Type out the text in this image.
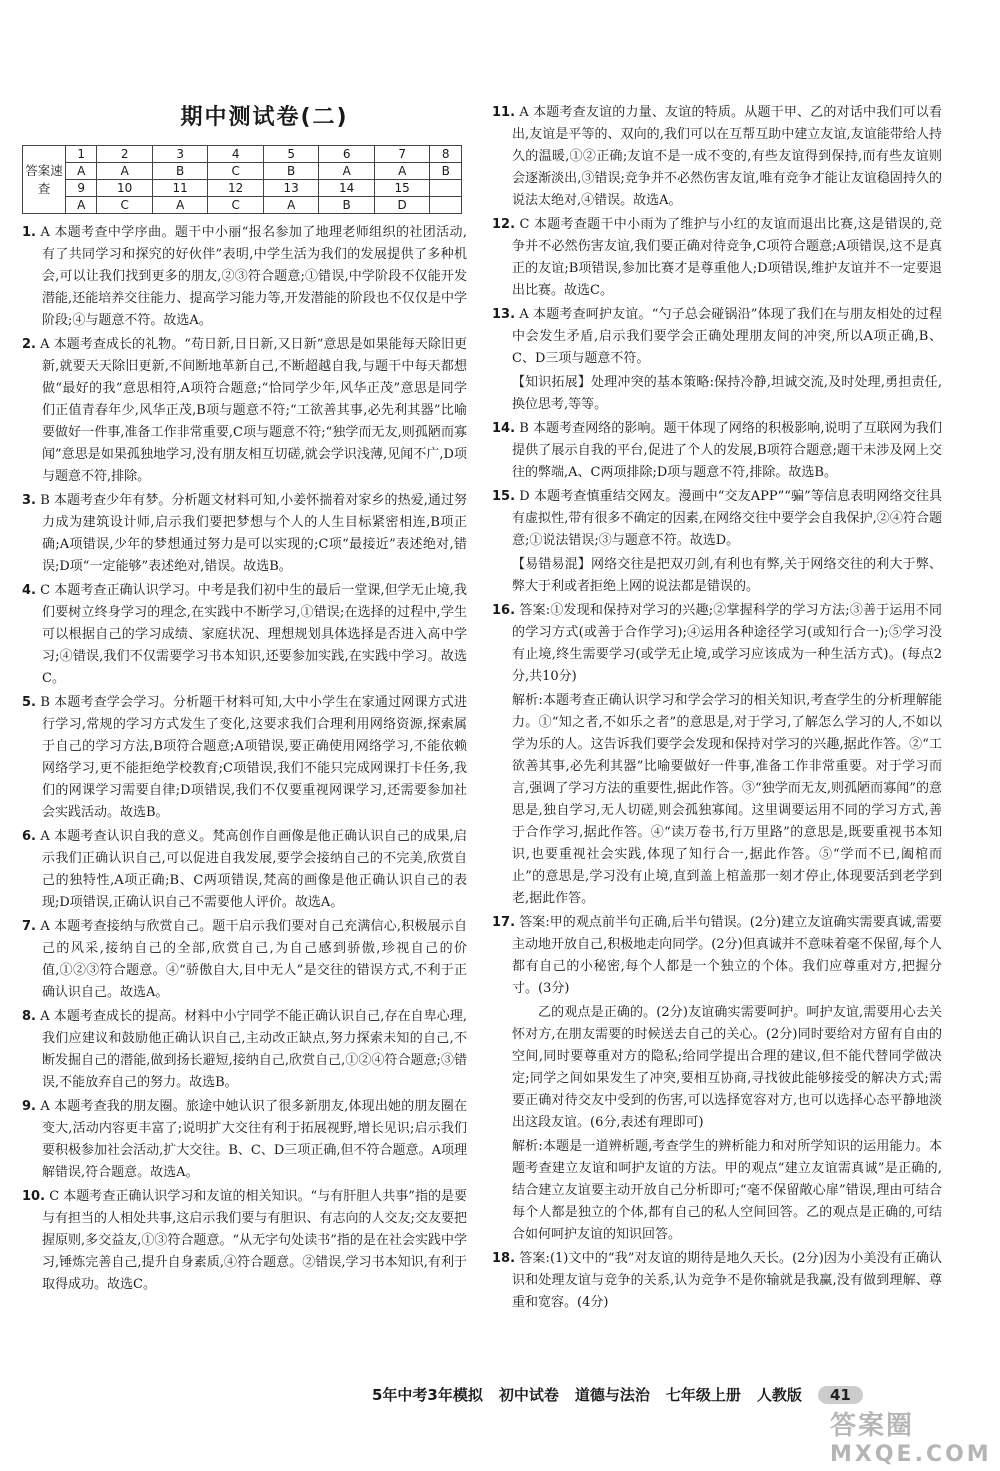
期中测试卷(二)
答案速查	1	2	3	4	5	6	7	8
	A	A	B	C	B	A	A	B
	9	10	11	12	13	14	15	
	A	C	A	C	A	B	D	
1. A 本题考查中学序曲。题干中小丽“报名参加了地理老师组织的社团活动,有了共同学习和探究的好伙伴”表明,中学生活为我们的发展提供了多种机会,可以让我们找到更多的朋友,②③符合题意;①错误,中学阶段不仅能开发潜能,还能培养交往能力、提高学习能力等,开发潜能的阶段也不仅仅是中学阶段;④与题意不符。故选A。
2. A 本题考查成长的礼物。“苟日新,日日新,又日新”意思是如果能每天除旧更新,就要天天除旧更新,不间断地革新自己,不断超越自我,与题干中每天都想做“最好的我”意思相符,A项符合题意;“恰同学少年,风华正茂”意思是同学们正值青春年少,风华正茂,B项与题意不符;“工欲善其事,必先利其器”比喻要做好一件事,准备工作非常重要,C项与题意不符;“独学而无友,则孤陋而寡闻”意思是如果孤独地学习,没有朋友相互切磋,就会学识浅薄,见闻不广,D项与题意不符,排除。
3. B 本题考查少年有梦。分析题文材料可知,小姜怀揣着对家乡的热爱,通过努力成为建筑设计师,启示我们要把梦想与个人的人生目标紧密相连,B项正确;A项错误,少年的梦想通过努力是可以实现的;C项“最接近”表述绝对,错误;D项“一定能够”表述绝对,错误。故选B。
4. C 本题考查正确认识学习。中考是我们初中生的最后一堂课,但学无止境,我们要树立终身学习的理念,在实践中不断学习,①错误;在选择的过程中,学生可以根据自己的学习成绩、家庭状况、理想规划具体选择是否进入高中学习;④错误,我们不仅需要学习书本知识,还要参加实践,在实践中学习。故选C。
5. B 本题考查学会学习。分析题干材料可知,大中小学生在家通过网课方式进行学习,常规的学习方式发生了变化,这要求我们合理利用网络资源,探索属于自己的学习方法,B项符合题意;A项错误,要正确使用网络学习,不能依赖网络学习,更不能拒绝学校教育;C项错误,我们不能只完成网课打卡任务,我们的网课学习需要自律;D项错误,我们不仅要重视网课学习,还需要参加社会实践活动。故选B。
6. A 本题考查认识自我的意义。梵高创作自画像是他正确认识自己的成果,启示我们正确认识自己,可以促进自我发展,要学会接纳自己的不完美,欣赏自己的独特性,A项正确;B、C两项错误,梵高的画像是他正确认识自己的表现;D项错误,正确认识自己不需要他人评价。故选A。
7. A 本题考查接纳与欣赏自己。题干启示我们要对自己充满信心,积极展示自己的风采,接纳自己的全部,欣赏自己,为自己感到骄傲,珍视自己的价值,①②③符合题意。④“骄傲自大,目中无人”是交往的错误方式,不利于正确认识自己。故选A。
8. A 本题考查成长的提高。材料中小宁同学不能正确认识自己,存在自卑心理,我们应建议和鼓励他正确认识自己,主动改正缺点,努力探索未知的自己,不断发掘自己的潜能,做到扬长避短,接纳自己,欣赏自己,①②④符合题意;③错误,不能放弃自己的努力。故选B。
9. A 本题考查我的朋友圈。旅途中她认识了很多新朋友,体现出她的朋友圈在变大,活动内容更丰富了;说明扩大交往有利于拓展视野,增长见识;启示我们要积极参加社会活动,扩大交往。B、C、D三项正确,但不符合题意。A项理解错误,符合题意。故选A。
10. C 本题考查正确认识学习和友谊的相关知识。“与有肝胆人共事”指的是要与有担当的人相处共事,这启示我们要与有胆识、有志向的人交友;交友要把握原则,多交益友,①③符合题意。“从无字句处读书”指的是在社会实践中学习,锤炼完善自己,提升自身素质,④符合题意。②错误,学习书本知识,有利于取得成功。故选C。
11. A 本题考查友谊的力量、友谊的特质。从题干甲、乙的对话中我们可以看出,友谊是平等的、双向的,我们可以在互帮互助中建立友谊,友谊能带给人持久的温暖,①②正确;友谊不是一成不变的,有些友谊得到保持,而有些友谊则会逐渐淡出,③错误;竞争并不必然伤害友谊,唯有竞争才能让友谊稳固持久的说法太绝对,④错误。故选A。
12. C 本题考查题干中小雨为了维护与小红的友谊而退出比赛,这是错误的,竞争并不必然伤害友谊,我们要正确对待竞争,C项符合题意;A项错误,这不是真正的友谊;B项错误,参加比赛才是尊重他人;D项错误,维护友谊并不一定要退出比赛。故选C。
13. A 本题考查呵护友谊。“勺子总会碰锅沿”体现了我们在与朋友相处的过程中会发生矛盾,启示我们要学会正确处理朋友间的冲突,所以A项正确,B、C、D三项与题意不符。
【知识拓展】处理冲突的基本策略:保持冷静,坦诚交流,及时处理,勇担责任,换位思考,等等。
14. B 本题考查网络的影响。题干体现了网络的积极影响,说明了互联网为我们提供了展示自我的平台,促进了个人的发展,B项符合题意;题干未涉及网上交往的弊端,A、C两项排除;D项与题意不符,排除。故选B。
15. D 本题考查慎重结交网友。漫画中“交友APP”“骗”等信息表明网络交往具有虚拟性,带有很多不确定的因素,在网络交往中要学会自我保护,②④符合题意;①说法错误;③与题意不符。故选D。
【易错易混】网络交往是把双刃剑,有利也有弊,关于网络交往的利大于弊、弊大于利或者拒绝上网的说法都是错误的。
16. 答案:①发现和保持对学习的兴趣;②掌握科学的学习方法;③善于运用不同的学习方式(或善于合作学习);④运用各种途径学习(或知行合一);⑤学习没有止境,终生需要学习(或学无止境,或学习应该成为一种生活方式)。(每点2分,共10分)
解析:本题考查正确认识学习和学会学习的相关知识,考查学生的分析理解能力。①“知之者,不如乐之者”的意思是,对于学习,了解怎么学习的人,不如以学为乐的人。这告诉我们要学会发现和保持对学习的兴趣,据此作答。②“工欲善其事,必先利其器”比喻要做好一件事,准备工作非常重要。对于学习而言,强调了学习方法的重要性,据此作答。③“独学而无友,则孤陋而寡闻”的意思是,独自学习,无人切磋,则会孤独寡闻。这里调要运用不同的学习方式,善于合作学习,据此作答。④“读万卷书,行万里路”的意思是,既要重视书本知识,也要重视社会实践,体现了知行合一,据此作答。⑤“学而不已,阖棺而止”的意思是,学习没有止境,直到盖上棺盖那一刻才停止,体现要活到老学到老,据此作答。
17. 答案:甲的观点前半句正确,后半句错误。(2分)建立友谊确实需要真诚,需要主动地开放自己,积极地走向同学。(2分)但真诚并不意味着毫不保留,每个人都有自己的小秘密,每个人都是一个独立的个体。我们应尊重对方,把握分寸。(3分)
乙的观点是正确的。(2分)友谊确实需要呵护。呵护友谊,需要用心去关怀对方,在朋友需要的时候送去自己的关心。(2分)同时要给对方留有自由的空间,同时要尊重对方的隐私;给同学提出合理的建议,但不能代替同学做决定;同学之间如果发生了冲突,要相互协商,寻找彼此能够接受的解决方式;需要正确对待交友中受到的伤害,可以选择宽容对方,也可以选择心态平静地淡出这段友谊。(6分,表述有理即可)
解析:本题是一道辨析题,考查学生的辨析能力和对所学知识的运用能力。本题考查建立友谊和呵护友谊的方法。甲的观点“建立友谊需真诚”是正确的,结合建立友谊要主动开放自己分析即可;“毫不保留敞心扉”错误,理由可结合每个人都是独立的个体,都有自己的私人空间回答。乙的观点是正确的,可结合如何呵护友谊的知识回答。
18. 答案:(1)文中的“我”对友谊的期待是地久天长。(2分)因为小美没有正确认识和处理友谊与竞争的关系,认为竞争不是你输就是我赢,没有做到理解、尊重和宽容。(4分)
5年中考3年模拟 初中试卷 道德与法治 七年级上册 人教版	41
答案圈
MXQE.COM
